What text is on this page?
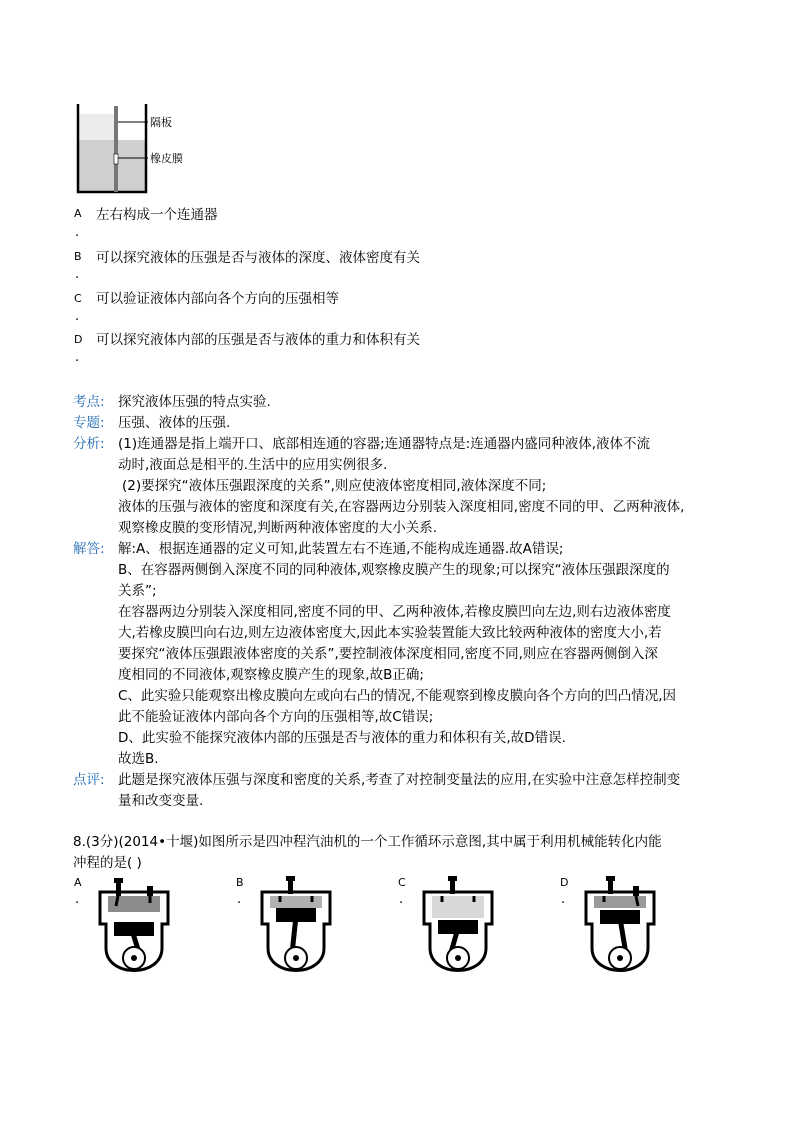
隔板
橡皮膜
A 左右构成一个连通器
.
B 可以探究液体的压强是否与液体的深度、液体密度有关
.
C 可以验证液体内部向各个方向的压强相等
.
D 可以探究液体内部的压强是否与液体的重力和体积有关
.
考点: 探究液体压强的特点实验.
专题: 压强、液体的压强.
分析: (1)连通器是指上端开口、底部相连通的容器;连通器特点是:连通器内盛同种液体,液体不流
动时,液面总是相平的.生活中的应用实例很多.
(2)要探究“液体压强跟深度的关系”,则应使液体密度相同,液体深度不同;
液体的压强与液体的密度和深度有关,在容器两边分别装入深度相同,密度不同的甲、乙两种液体,
观察橡皮膜的变形情况,判断两种液体密度的大小关系.
解答: 解:A、根据连通器的定义可知,此装置左右不连通,不能构成连通器.故A错误;
B、在容器两侧倒入深度不同的同种液体,观察橡皮膜产生的现象;可以探究“液体压强跟深度的
关系”;
在容器两边分别装入深度相同,密度不同的甲、乙两种液体,若橡皮膜凹向左边,则右边液体密度
大,若橡皮膜凹向右边,则左边液体密度大,因此本实验装置能大致比较两种液体的密度大小,若
要探究“液体压强跟液体密度的关系”,要控制液体深度相同,密度不同,则应在容器两侧倒入深
度相同的不同液体,观察橡皮膜产生的现象,故B正确;
C、此实验只能观察出橡皮膜向左或向右凸的情况,不能观察到橡皮膜向各个方向的凹凸情况,因
此不能验证液体内部向各个方向的压强相等,故C错误;
D、此实验不能探究液体内部的压强是否与液体的重力和体积有关,故D错误.
故选B.
点评: 此题是探究液体压强与深度和密度的关系,考查了对控制变量法的应用,在实验中注意怎样控制变
量和改变变量.
8.(3分)(2014•十堰)如图所示是四冲程汽油机的一个工作循环示意图,其中属于利用机械能转化内能
冲程的是( )
A
.
B
.
C
.
D
.
